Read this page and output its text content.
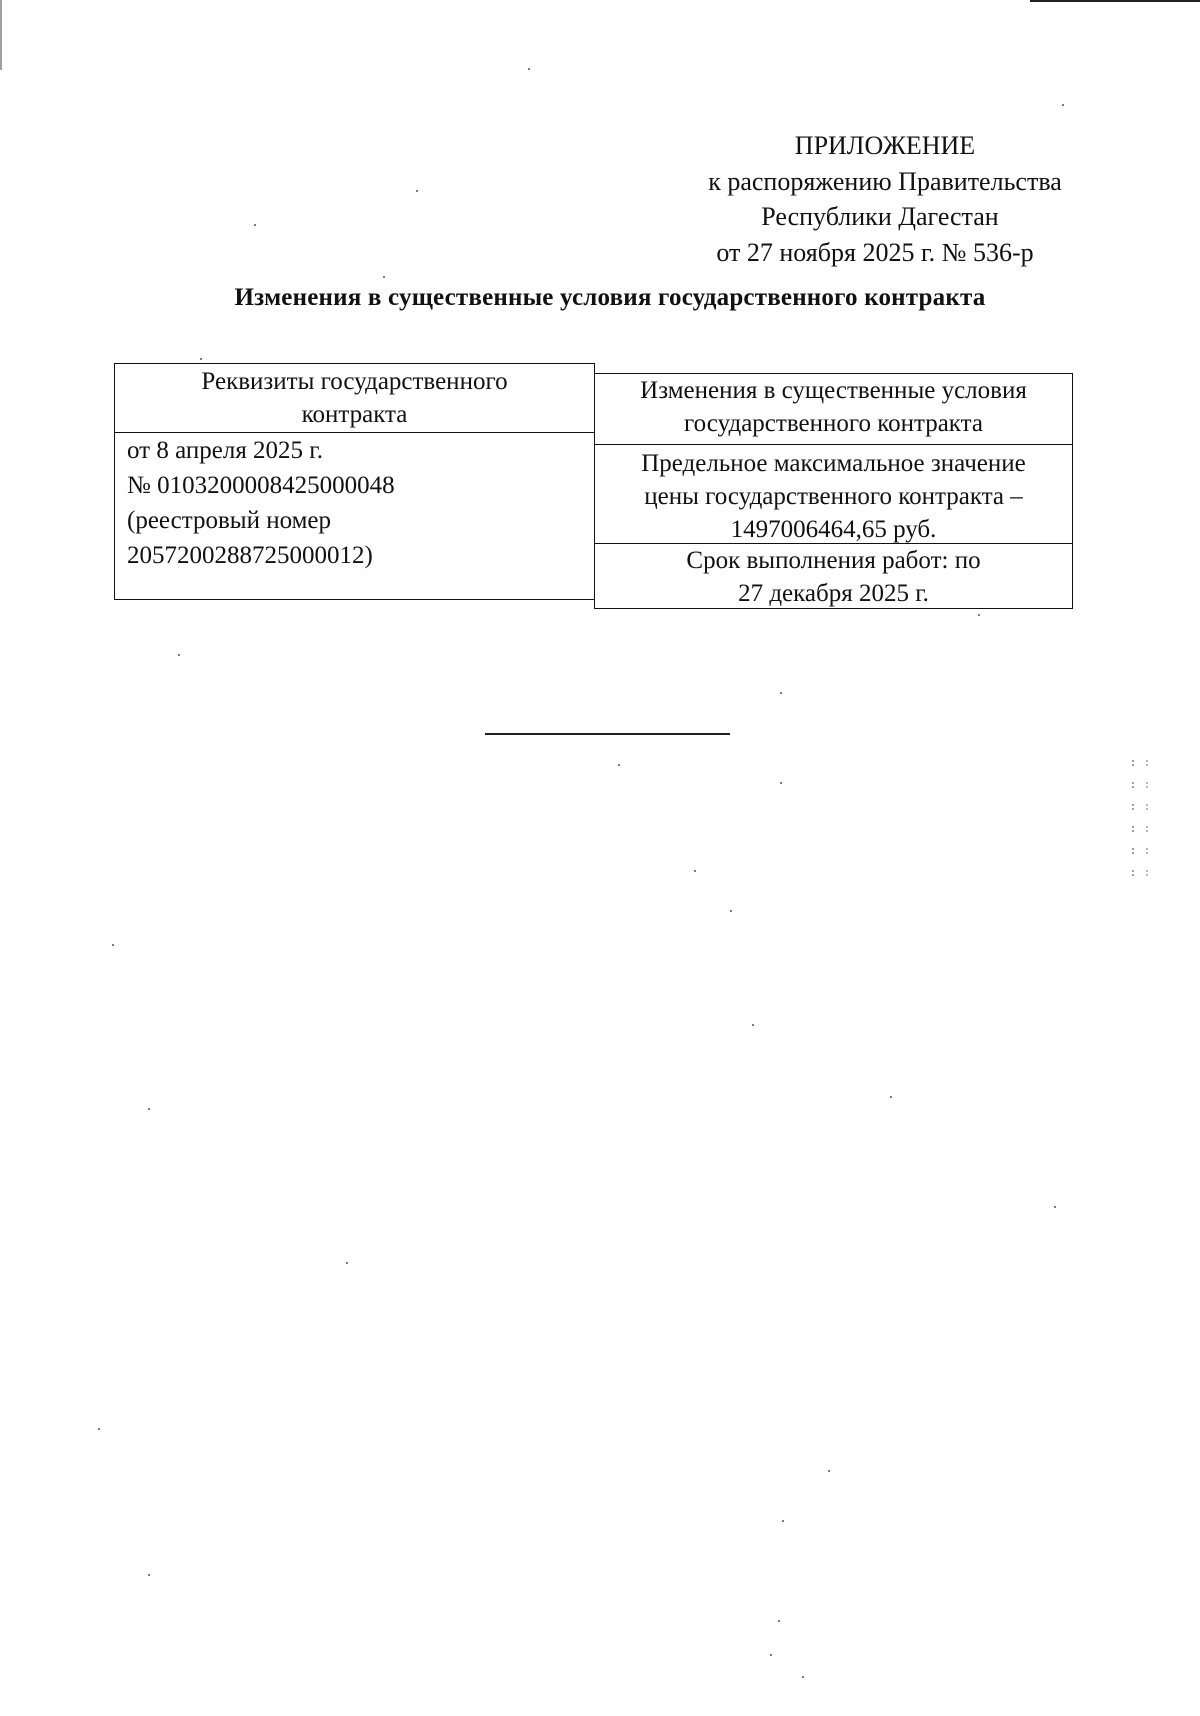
ПРИЛОЖЕНИЕ
к распоряжению Правительства
Республики Дагестан
от 27 ноября 2025 г. № 536-р
Изменения в существенные условия государственного контракта
Реквизиты государственного
контракта
Изменения в существенные условия
государственного контракта
от 8 апреля 2025 г.
№ 0103200008425000048
(реестровый номер
2057200288725000012)
Предельное максимальное значение
цены государственного контракта –
1497006464,65 руб.
Срок выполнения работ: по
27 декабря 2025 г.
